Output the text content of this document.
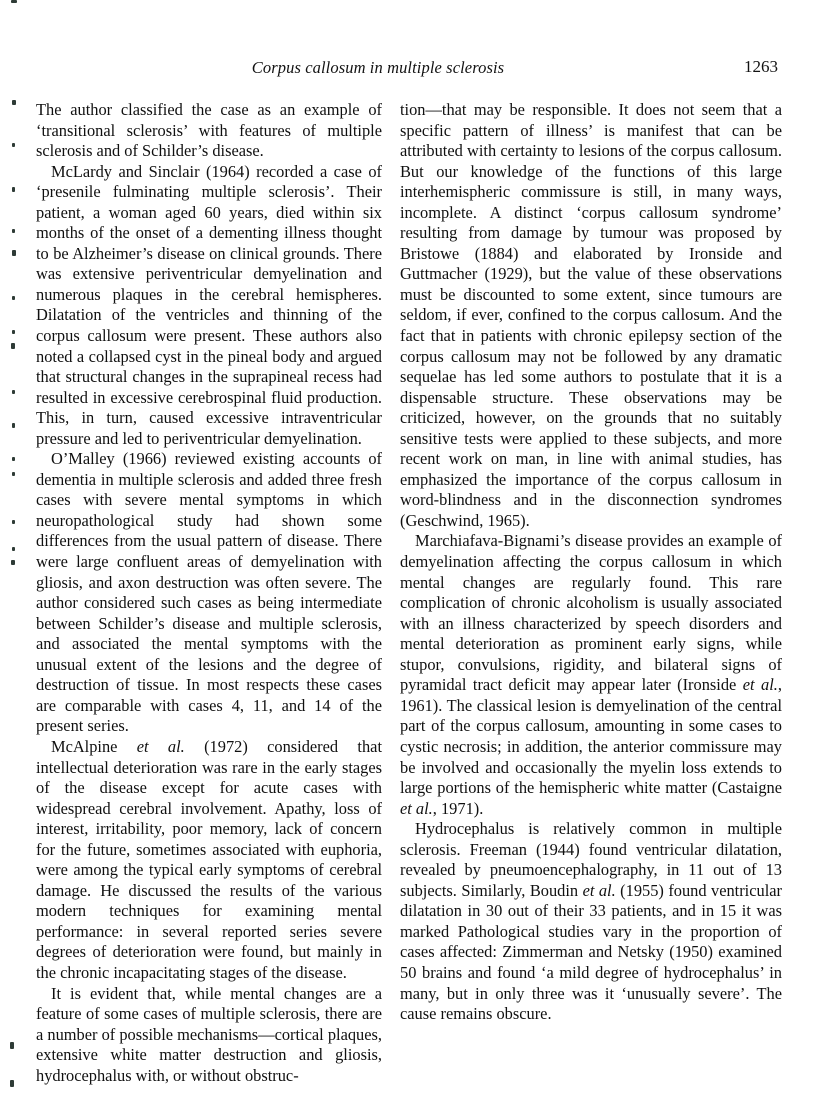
Corpus callosum in multiple sclerosis	1263

The author classified the case as an example of ‘transitional sclerosis’ with features of multiple sclerosis and of Schilder’s disease.

McLardy and Sinclair (1964) recorded a case of ‘presenile fulminating multiple sclerosis’. Their patient, a woman aged 60 years, died within six months of the onset of a dementing illness thought to be Alzheimer’s disease on clinical grounds. There was extensive periventricular demyelination and numerous plaques in the cerebral hemispheres. Dilatation of the ventricles and thinning of the corpus callosum were present. These authors also noted a collapsed cyst in the pineal body and argued that structural changes in the suprapineal recess had resulted in excessive cerebrospinal fluid production. This, in turn, caused excessive intraventricular pressure and led to periventricular demyelination.

O’Malley (1966) reviewed existing accounts of dementia in multiple sclerosis and added three fresh cases with severe mental symptoms in which neuropathological study had shown some differences from the usual pattern of disease. There were large confluent areas of demyelination with gliosis, and axon destruction was often severe. The author considered such cases as being intermediate between Schilder’s disease and multiple sclerosis, and associated the mental symptoms with the unusual extent of the lesions and the degree of destruction of tissue. In most respects these cases are comparable with cases 4, 11, and 14 of the present series.

McAlpine et al. (1972) considered that intellectual deterioration was rare in the early stages of the disease except for acute cases with widespread cerebral involvement. Apathy, loss of interest, irritability, poor memory, lack of concern for the future, sometimes associated with euphoria, were among the typical early symptoms of cerebral damage. He discussed the results of the various modern techniques for examining mental performance: in several reported series severe degrees of deterioration were found, but mainly in the chronic incapacitating stages of the disease.

It is evident that, while mental changes are a feature of some cases of multiple sclerosis, there are a number of possible mechanisms—cortical plaques, extensive white matter destruction and gliosis, hydrocephalus with, or without obstruc-

tion—that may be responsible. It does not seem that a specific pattern of illness’ is manifest that can be attributed with certainty to lesions of the corpus callosum. But our knowledge of the functions of this large interhemispheric commissure is still, in many ways, incomplete. A distinct ‘corpus callosum syndrome’ resulting from damage by tumour was proposed by Bristowe (1884) and elaborated by Ironside and Guttmacher (1929), but the value of these observations must be discounted to some extent, since tumours are seldom, if ever, confined to the corpus callosum. And the fact that in patients with chronic epilepsy section of the corpus callosum may not be followed by any dramatic sequelae has led some authors to postulate that it is a dispensable structure. These observations may be criticized, however, on the grounds that no suitably sensitive tests were applied to these subjects, and more recent work on man, in line with animal studies, has emphasized the importance of the corpus callosum in word-blindness and in the disconnection syndromes (Geschwind, 1965).

Marchiafava-Bignami’s disease provides an example of demyelination affecting the corpus callosum in which mental changes are regularly found. This rare complication of chronic alcoholism is usually associated with an illness characterized by speech disorders and mental deterioration as prominent early signs, while stupor, convulsions, rigidity, and bilateral signs of pyramidal tract deficit may appear later (Ironside et al., 1961). The classical lesion is demyelination of the central part of the corpus callosum, amounting in some cases to cystic necrosis; in addition, the anterior commissure may be involved and occasionally the myelin loss extends to large portions of the hemispheric white matter (Castaigne et al., 1971).

Hydrocephalus is relatively common in multiple sclerosis. Freeman (1944) found ventricular dilatation, revealed by pneumoencephalography, in 11 out of 13 subjects. Similarly, Boudin et al. (1955) found ventricular dilatation in 30 out of their 33 patients, and in 15 it was marked Pathological studies vary in the proportion of cases affected: Zimmerman and Netsky (1950) examined 50 brains and found ‘a mild degree of hydrocephalus’ in many, but in only three was it ‘unusually severe’. The cause remains obscure.
